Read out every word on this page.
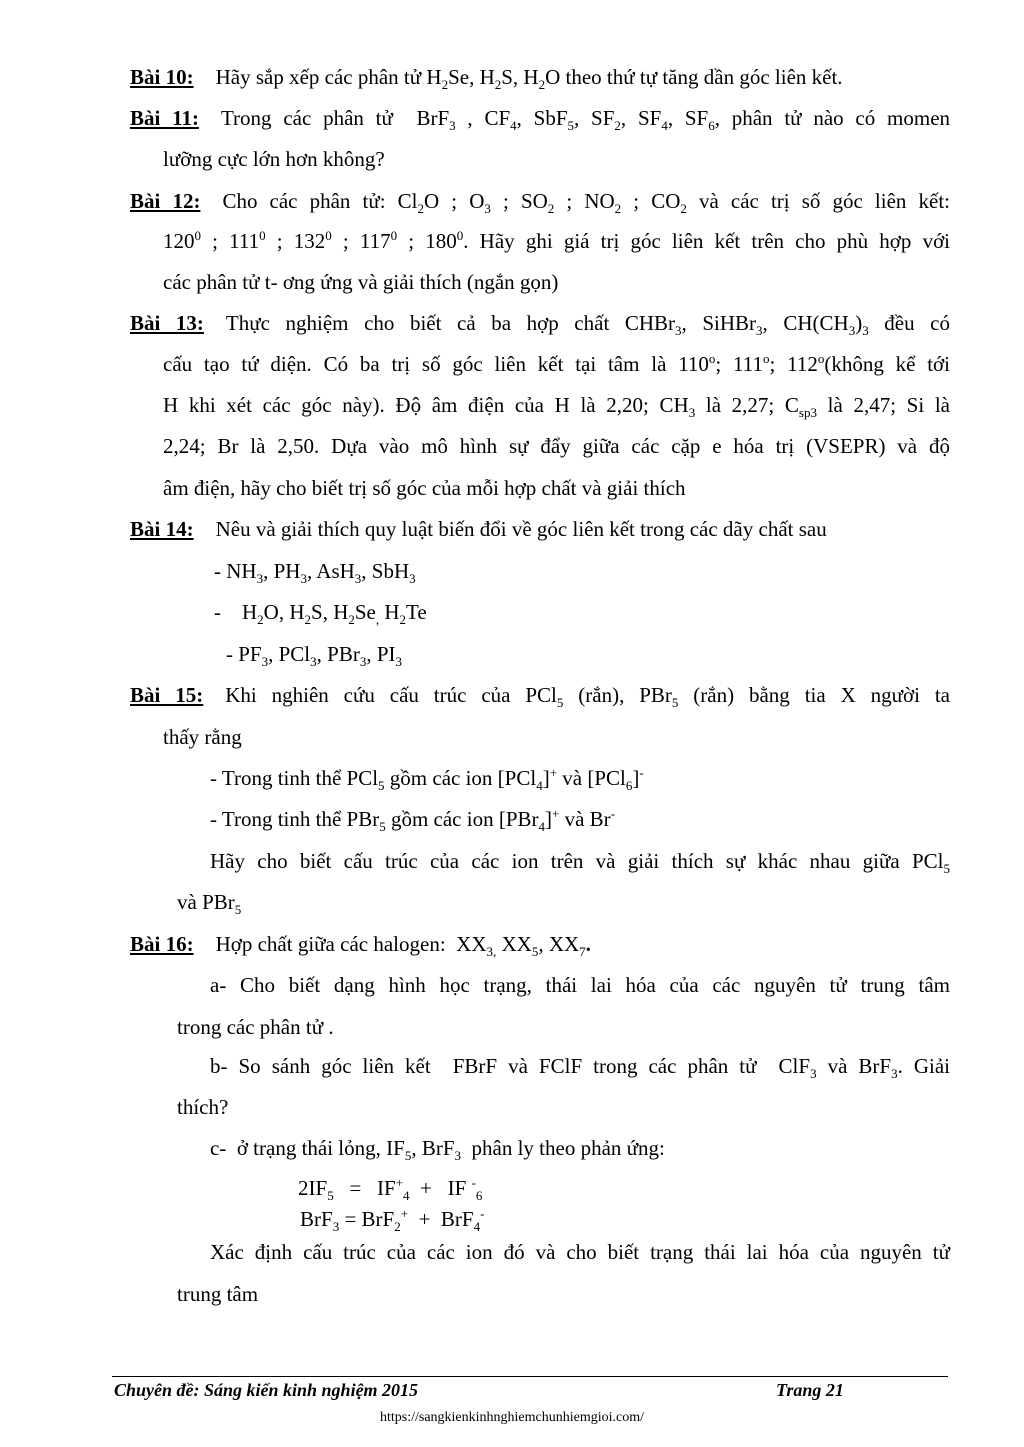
Bài 10: Hãy sắp xếp các phân tử $H_2Se$, $H_2S$, $H_2O$ theo thứ tự tăng dần góc liên kết.
Bài 11: Trong các phân tử  BrF$_3$ , $CF_4$, SbF$_5$, $SF_2$, $SF_4$, $SF_6$, phân tử nào có momen
lưỡng cực lớn hơn không?
Bài 12: Cho các phân tử: $Cl_2O$ ; $O_3$ ; $SO_2$ ; $NO_2$ ; $CO_2$ và các trị số góc liên kết:
$120^0$ ; $111^0$ ; $132^0$ ; $117^0$ ; $180^0$. Hãy ghi giá trị góc liên kết trên cho phù hợp với
các phân tử t- ơng ứng và giải thích (ngắn gọn)
Bài 13: Thực nghiệm cho biết cả ba hợp chất CHBr$_3$, SiHBr$_3$, $CH(CH_3)_3$ đều có
cấu tạo tứ diện. Có ba trị số góc liên kết tại tâm là 110$^o$; 111$^o$; 112$^o$(không kể tới
H khi xét các góc này). Độ âm điện của H là 2,20; $CH_3$ là 2,27; $C_{sp3}$ là 2,47; Si là
2,24; Br là 2,50. Dựa vào mô hình sự đẩy giữa các cặp e hóa trị (VSEPR) và độ
âm điện, hãy cho biết trị số góc của mỗi hợp chất và giải thích
Bài 14: Nêu và giải thích quy luật biến đổi về góc liên kết trong các dãy chất sau
- $NH_3$, $PH_3$, AsH$_3$, SbH$_3$
-    $H_2O$, $H_2S$, $H_2Se_,$ $H_2Te$
- $PF_3$, PCl$_3$, PBr$_3$, $PI_3$
Bài 15: Khi nghiên cứu cấu trúc của PCl$_5$ (rắn), PBr$_5$ (rắn) bằng tia X người ta
thấy rằng
- Trong tinh thể PCl$_5$ gồm các ion [PCl$_4$]+ và [PCl$_6$]-
- Trong tinh thể PBr$_5$ gồm các ion [PBr$_4$]+ và Br-
Hãy cho biết cấu trúc của các ion trên và giải thích sự khác nhau giữa PCl$_5$
và PBr$_5$
Bài 16: Hợp chất giữa các halogen:  $XX_{3,}$ $XX_5$, $XX_7$.
a- Cho biết dạng hình học trạng, thái lai hóa của các nguyên tử trung tâm
trong các phân tử .
b- So sánh góc liên kết  FBrF và FClF trong các phân tử  ClF$_3$ và BrF$_3$. Giải
thích?
c-  ở trạng thái lỏng, $IF_5$, BrF$_3$  phân ly theo phản ứng:
$2IF_5 = IF^+_4$  +   IF -$_6$
BrF$_3$ = BrF$_2$+  +  BrF$_4$-
Xác định cấu trúc của các ion đó và cho biết trạng thái lai hóa của nguyên tử
trung tâm
Chuyên đề: Sáng kiến kinh nghiệm 2015	Trang 21
https://sangkienkinhnghiemchunhiemgioi.com/
